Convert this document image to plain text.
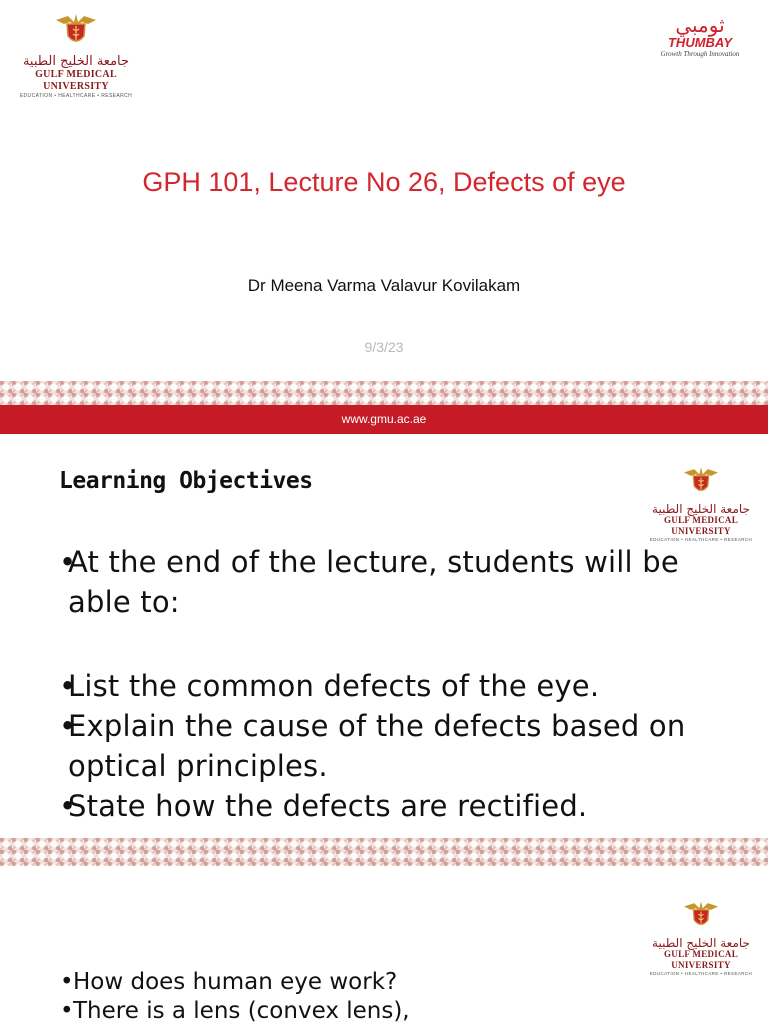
جامعة الخليج الطبية
GULF MEDICAL UNIVERSITY
EDUCATION • HEALTHCARE • RESEARCH
ثومبي
THUMBAY
Growth Through Innovation
GPH 101, Lecture No 26, Defects of eye
Dr Meena Varma Valavur Kovilakam
9/3/23
www.gmu.ac.ae
Learning Objectives
جامعة الخليج الطبية
GULF MEDICAL UNIVERSITY
EDUCATION • HEALTHCARE • RESEARCH
• At the end of the lecture, students will be able to:
• List the common defects of the eye.
• Explain the cause of the defects based on optical principles.
• State how the defects are rectified.
جامعة الخليج الطبية
GULF MEDICAL UNIVERSITY
EDUCATION • HEALTHCARE • RESEARCH
• How does human eye work?
• There is a lens (convex lens),
